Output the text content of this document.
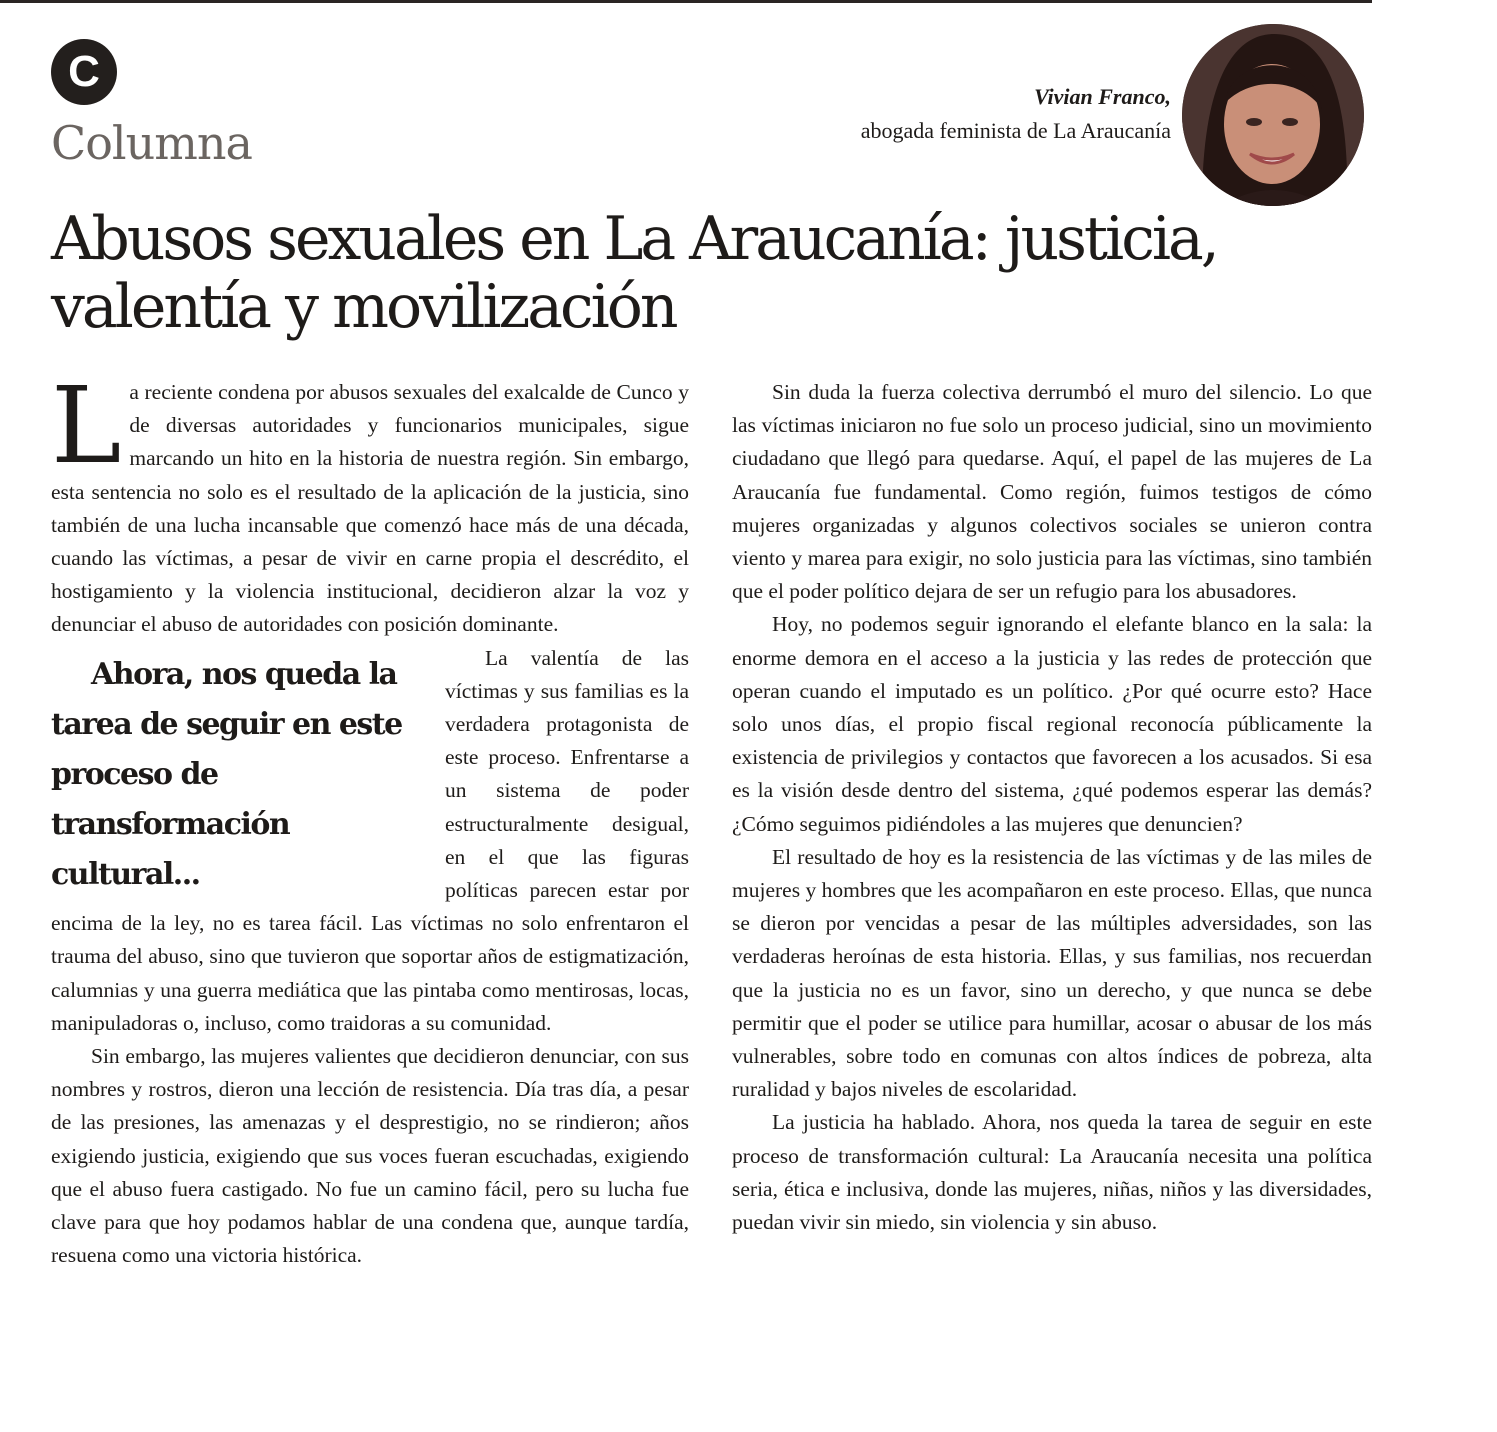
C
Columna
Vivian Franco,
abogada feminista de La Araucanía
Abusos sexuales en La Araucanía: justicia, valentía y movilización

La reciente condena por abusos sexuales del exalcalde de Cunco y de diversas autoridades y funcionarios municipales, sigue marcando un hito en la historia de nuestra región. Sin embargo, esta sentencia no solo es el resultado de la aplicación de la justicia, sino también de una lucha incansable que comenzó hace más de una década, cuando las víctimas, a pesar de vivir en carne propia el descrédito, el hostigamiento y la violencia institucional, decidieron alzar la voz y denunciar el abuso de autoridades con posición dominante.

Ahora, nos queda la tarea de seguir en este proceso de transformación cultural...
La valentía de las víctimas y sus familias es la verdadera protagonista de este proceso. Enfrentarse a un sistema de poder estructuralmente desigual, en el que las figuras políticas parecen estar por encima de la ley, no es tarea fácil. Las víctimas no solo enfrentaron el trauma del abuso, sino que tuvieron que soportar años de estigmatización, calumnias y una guerra mediática que las pintaba como mentirosas, locas, manipuladoras o, incluso, como traidoras a su comunidad.

Sin embargo, las mujeres valientes que decidieron denunciar, con sus nombres y rostros, dieron una lección de resistencia. Día tras día, a pesar de las presiones, las amenazas y el desprestigio, no se rindieron; años exigiendo justicia, exigiendo que sus voces fueran escuchadas, exigiendo que el abuso fuera castigado. No fue un camino fácil, pero su lucha fue clave para que hoy podamos hablar de una condena que, aunque tardía, resuena como una victoria histórica.

Sin duda la fuerza colectiva derrumbó el muro del silencio. Lo que las víctimas iniciaron no fue solo un proceso judicial, sino un movimiento ciudadano que llegó para quedarse. Aquí, el papel de las mujeres de La Araucanía fue fundamental. Como región, fuimos testigos de cómo mujeres organizadas y algunos colectivos sociales se unieron contra viento y marea para exigir, no solo justicia para las víctimas, sino también que el poder político dejara de ser un refugio para los abusadores.

Hoy, no podemos seguir ignorando el elefante blanco en la sala: la enorme demora en el acceso a la justicia y las redes de protección que operan cuando el imputado es un político. ¿Por qué ocurre esto? Hace solo unos días, el propio fiscal regional reconocía públicamente la existencia de privilegios y contactos que favorecen a los acusados. Si esa es la visión desde dentro del sistema, ¿qué podemos esperar las demás? ¿Cómo seguimos pidiéndoles a las mujeres que denuncien?

El resultado de hoy es la resistencia de las víctimas y de las miles de mujeres y hombres que les acompañaron en este proceso. Ellas, que nunca se dieron por vencidas a pesar de las múltiples adversidades, son las verdaderas heroínas de esta historia. Ellas, y sus familias, nos recuerdan que la justicia no es un favor, sino un derecho, y que nunca se debe permitir que el poder se utilice para humillar, acosar o abusar de los más vulnerables, sobre todo en comunas con altos índices de pobreza, alta ruralidad y bajos niveles de escolaridad.

La justicia ha hablado. Ahora, nos queda la tarea de seguir en este proceso de transformación cultural: La Araucanía necesita una política seria, ética e inclusiva, donde las mujeres, niñas, niños y las diversidades, puedan vivir sin miedo, sin violencia y sin abuso.
